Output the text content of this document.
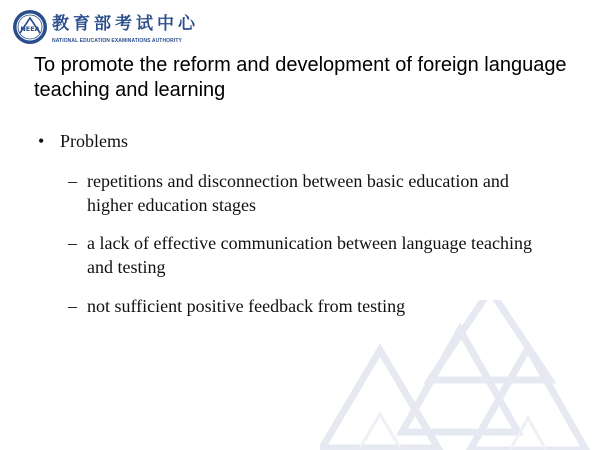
NEEA 教育部考试中心
NATIONAL EDUCATION EXAMINATIONS AUTHORITY
To promote the reform and development of foreign language teaching and learning
• Problems
– repetitions and disconnection between basic education and higher education stages
– a lack of effective communication between language teaching and testing
– not sufficient positive feedback from testing
